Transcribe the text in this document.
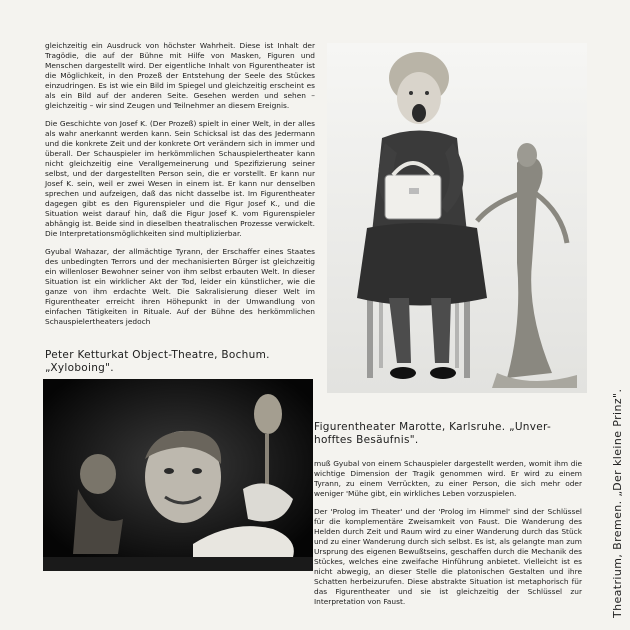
gleichzeitig ein Ausdruck von höchster Wahrheit. Diese ist Inhalt der Tragödie, die auf der Bühne mit Hilfe von Masken, Figuren und Menschen dargestellt wird. Der eigentliche Inhalt von Figurentheater ist die Möglichkeit, in den Prozeß der Entstehung der Seele des Stückes einzudringen. Es ist wie ein Bild im Spiegel und gleichzeitig erscheint es als ein Bild auf der anderen Seite. Gesehen werden und sehen – gleichzeitig – wir sind Zeugen und Teilnehmer an diesem Ereignis.

Die Geschichte von Josef K. (Der Prozeß) spielt in einer Welt, in der alles als wahr anerkannt werden kann. Sein Schicksal ist das des Jedermann und die konkrete Zeit und der konkrete Ort verändern sich in immer und überall. Der Schauspieler im herkömmlichen Schauspielertheater kann nicht gleichzeitig eine Verallgemeinerung und Spezifizierung seiner selbst, und der dargestellten Person sein, die er vorstellt. Er kann nur Josef K. sein, weil er zwei Wesen in einem ist. Er kann nur denselben sprechen und aufzeigen, daß das nicht dasselbe ist. Im Figurentheater dagegen gibt es den Figurenspieler und die Figur Josef K., und die Situation weist darauf hin, daß die Figur Josef K. vom Figurenspieler abhängig ist. Beide sind in dieselben theatralischen Prozesse verwickelt. Die Interpretationsmöglichkeiten sind multiplizierbar.

Gyubal Wahazar, der allmächtige Tyrann, der Erschaffer eines Staates des unbedingten Terrors und der mechanisierten Bürger ist gleichzeitig ein willenloser Bewohner seiner von ihm selbst erbauten Welt. In dieser Situation ist ein wirklicher Akt der Tod, leider ein künstlicher, wie die ganze von ihm erdachte Welt. Die Sakralisierung dieser Welt im Figurentheater erreicht ihren Höhepunkt in der Umwandlung von einfachen Tätigkeiten in Rituale. Auf der Bühne des herkömmlichen Schauspielertheaters jedoch

Peter Ketturkat Object-Theatre, Bochum.
„Xyloboing".
Figurentheater Marotte, Karlsruhe. „Unver-
hofftes Besäufnis".

muß Gyubal von einem Schauspieler dargestellt werden, womit ihm die wichtige Dimension der Tragik genommen wird. Er wird zu einem Tyrann, zu einem Verrückten, zu einer Person, die sich mehr oder weniger 'Mühe gibt, ein wirkliches Leben vorzuspielen.

Der 'Prolog im Theater' und der 'Prolog im Himmel' sind der Schlüssel für die komplementäre Zweisamkeit von Faust. Die Wanderung des Helden durch Zeit und Raum wird zu einer Wanderung durch das Stück und zu einer Wanderung durch sich selbst. Es ist, als gelangte man zum Ursprung des eigenen Bewußtseins, geschaffen durch die Mechanik des Stückes, welches eine zweifache Hinführung anbietet. Vielleicht ist es nicht abwegig, an dieser Stelle die platonischen Gestalten und ihre Schatten herbeizurufen. Diese abstrakte Situation ist metaphorisch für das Figurentheater und sie ist gleichzeitig der Schlüssel zur Interpretation von Faust.	Theatrium, Bremen. „Der kleine Prinz".
